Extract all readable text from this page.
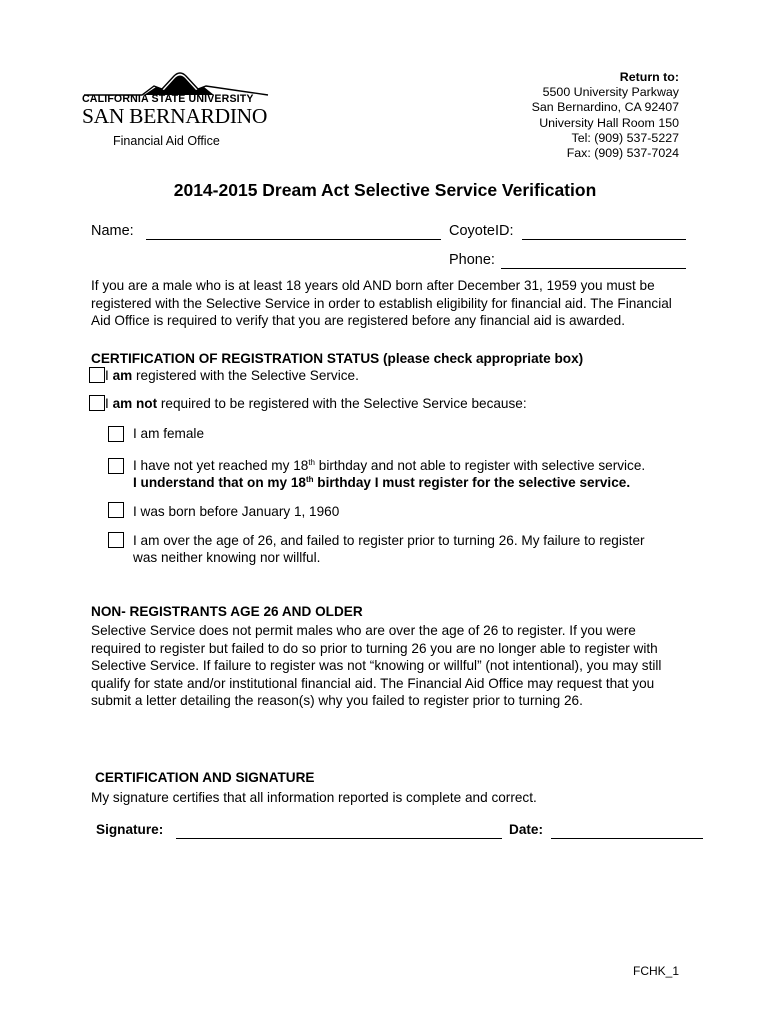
CALIFORNIA STATE UNIVERSITY
SAN BERNARDINO
Financial Aid Office
Return to:
5500 University Parkway
San Bernardino, CA 92407
University Hall Room 150
Tel: (909) 537-5227
Fax: (909) 537-7024
2014-2015 Dream Act Selective Service Verification
Name:	CoyoteID:
Phone:
If you are a male who is at least 18 years old AND born after December 31, 1959 you must be registered with the Selective Service in order to establish eligibility for financial aid. The Financial Aid Office is required to verify that you are registered before any financial aid is awarded.
CERTIFICATION OF REGISTRATION STATUS (please check appropriate box)
I am registered with the Selective Service.
I am not required to be registered with the Selective Service because:
I am female
I have not yet reached my 18th birthday and not able to register with selective service.
I understand that on my 18th birthday I must register for the selective service.
I was born before January 1, 1960
I am over the age of 26, and failed to register prior to turning 26. My failure to register
was neither knowing nor willful.
NON- REGISTRANTS AGE 26 AND OLDER
Selective Service does not permit males who are over the age of 26 to register. If you were required to register but failed to do so prior to turning 26 you are no longer able to register with Selective Service. If failure to register was not “knowing or willful” (not intentional), you may still qualify for state and/or institutional financial aid. The Financial Aid Office may request that you submit a letter detailing the reason(s) why you failed to register prior to turning 26.
CERTIFICATION AND SIGNATURE
My signature certifies that all information reported is complete and correct.
Signature:	Date:
FCHK_1
